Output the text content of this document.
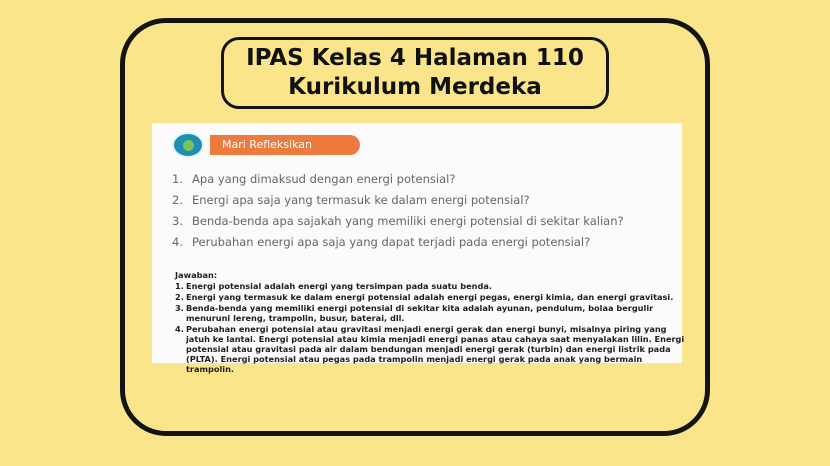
IPAS Kelas 4 Halaman 110
Kurikulum Merdeka
Mari Refleksikan
1. Apa yang dimaksud dengan energi potensial?
2. Energi apa saja yang termasuk ke dalam energi potensial?
3. Benda-benda apa sajakah yang memiliki energi potensial di sekitar kalian?
4. Perubahan energi apa saja yang dapat terjadi pada energi potensial?
Jawaban:
1. Energi potensial adalah energi yang tersimpan pada suatu benda.
2. Energi yang termasuk ke dalam energi potensial adalah energi pegas, energi kimia, dan energi gravitasi.
3. Benda-benda yang memiliki energi potensial di sekitar kita adalah ayunan, pendulum, bolaa bergulir menuruni lereng, trampolin, busur, baterai, dll.
4. Perubahan energi potensial atau gravitasi menjadi energi gerak dan energi bunyi, misalnya piring yang jatuh ke lantai. Energi potensial atau kimia menjadi energi panas atau cahaya saat menyalakan lilin. Energi potensial atau gravitasi pada air dalam bendungan menjadi energi gerak (turbin) dan energi listrik pada (PLTA). Energi potensial atau pegas pada trampolin menjadi energi gerak pada anak yang bermain trampolin.
